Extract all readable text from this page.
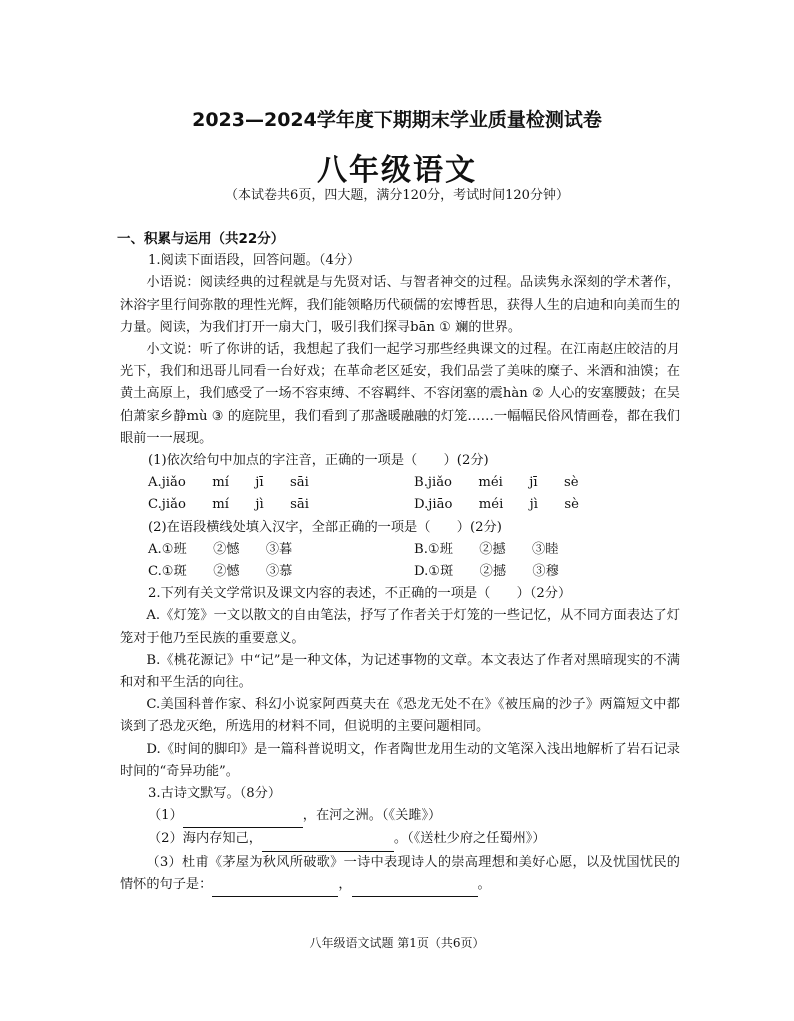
2023—2024学年度下期期末学业质量检测试卷
八年级语文
（本试卷共6页，四大题，满分120分，考试时间120分钟）
一、积累与运用（共22分）
1.阅读下面语段，回答问题。（4分）
小语说：阅读经典的过程就是与先贤对话、与智者神交的过程。品读隽永深刻的学术著作，沐浴字里行间弥散的理性光辉，我们能领略历代硕儒的宏博哲思，获得人生的启迪和向美而生的力量。阅读，为我们打开一扇大门，吸引我们探寻bān ① 斓的世界。
小文说：听了你讲的话，我想起了我们一起学习那些经典课文的过程。在江南赵庄皎洁的月光下，我们和迅哥儿同看一台好戏；在革命老区延安，我们品尝了美味的糜子、米酒和油馍；在黄土高原上，我们感受了一场不容束缚、不容羁绊、不容闭塞的震hàn ② 人心的安塞腰鼓；在吴伯萧家乡静mù ③ 的庭院里，我们看到了那盏暖融融的灯笼……一幅幅民俗风情画卷，都在我们眼前一一展现。
(1)依次给句中加点的字注音，正确的一项是（　　）(2分)
A.jiǎo　　mí　　jī　　sāi	B.jiǎo　　méi　　jī　　sè
C.jiǎo　　mí　　jì　　sāi	D.jiāo　　méi　　jì　　sè
(2)在语段横线处填入汉字，全部正确的一项是（　　）(2分)
A.①班　　②憾　　③暮	B.①班　　②撼　　③睦
C.①斑　　②憾　　③慕	D.①斑　　②撼　　③穆
2.下列有关文学常识及课文内容的表述，不正确的一项是（　　）（2分）
A.《灯笼》一文以散文的自由笔法，抒写了作者关于灯笼的一些记忆，从不同方面表达了灯笼对于他乃至民族的重要意义。
B.《桃花源记》中“记”是一种文体，为记述事物的文章。本文表达了作者对黑暗现实的不满和对和平生活的向往。
C.美国科普作家、科幻小说家阿西莫夫在《恐龙无处不在》《被压扁的沙子》两篇短文中都谈到了恐龙灭绝，所选用的材料不同，但说明的主要问题相同。
D.《时间的脚印》是一篇科普说明文，作者陶世龙用生动的文笔深入浅出地解析了岩石记录时间的“奇异功能”。
3.古诗文默写。（8分）
（1）	，在河之洲。（《关雎》）
（2）海内存知己，	。（《送杜少府之任蜀州》）
（3）杜甫《茅屋为秋风所破歌》一诗中表现诗人的崇高理想和美好心愿，以及忧国忧民的情怀的句子是：	，	。
八年级语文试题 第1页（共6页）
